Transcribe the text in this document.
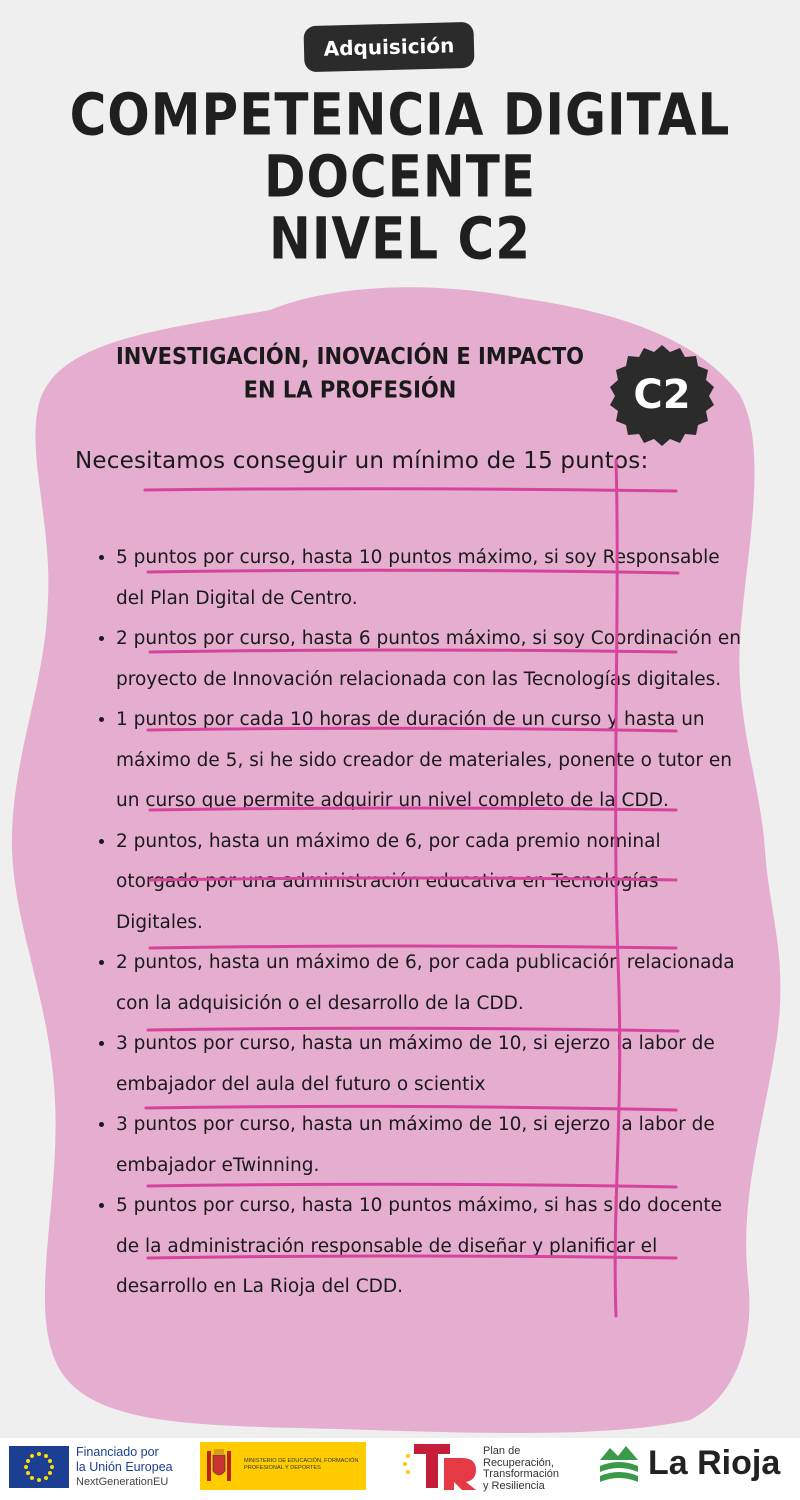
Adquisición
COMPETENCIA DIGITAL
DOCENTE
NIVEL C2
INVESTIGACIÓN, INOVACIÓN E IMPACTO
EN LA PROFESIÓN	C2
Necesitamos conseguir un mínimo de 15 puntos:
• 5 puntos por curso, hasta 10 puntos máximo, si soy Responsable del Plan Digital de Centro.
• 2 puntos por curso, hasta 6 puntos máximo, si soy Coordinación en proyecto de Innovación relacionada con las Tecnologías digitales.
• 1 puntos por cada 10 horas de duración de un curso y hasta un máximo de 5, si he sido creador de materiales, ponente o tutor en un curso que permite adquirir un nivel completo de la CDD.
• 2 puntos, hasta un máximo de 6, por cada premio nominal otorgado por una administración educativa en Tecnologías Digitales.
• 2 puntos, hasta un máximo de 6, por cada publicación relacionada con la adquisición o el desarrollo de la CDD.
• 3 puntos por curso, hasta un máximo de 10, si ejerzo la labor de embajador del aula del futuro o scientix
• 3 puntos por curso, hasta un máximo de 10, si ejerzo la labor de embajador eTwinning.
• 5 puntos por curso, hasta 10 puntos máximo, si has sido docente de la administración responsable de diseñar y planificar el desarrollo en La Rioja del CDD.
Financiado por
la Unión Europea
NextGenerationEU
MINISTERIO DE EDUCACIÓN, FORMACIÓN PROFESIONAL Y DEPORTES
Plan de
Recuperación,
Transformación
y Resiliencia
La Rioja
